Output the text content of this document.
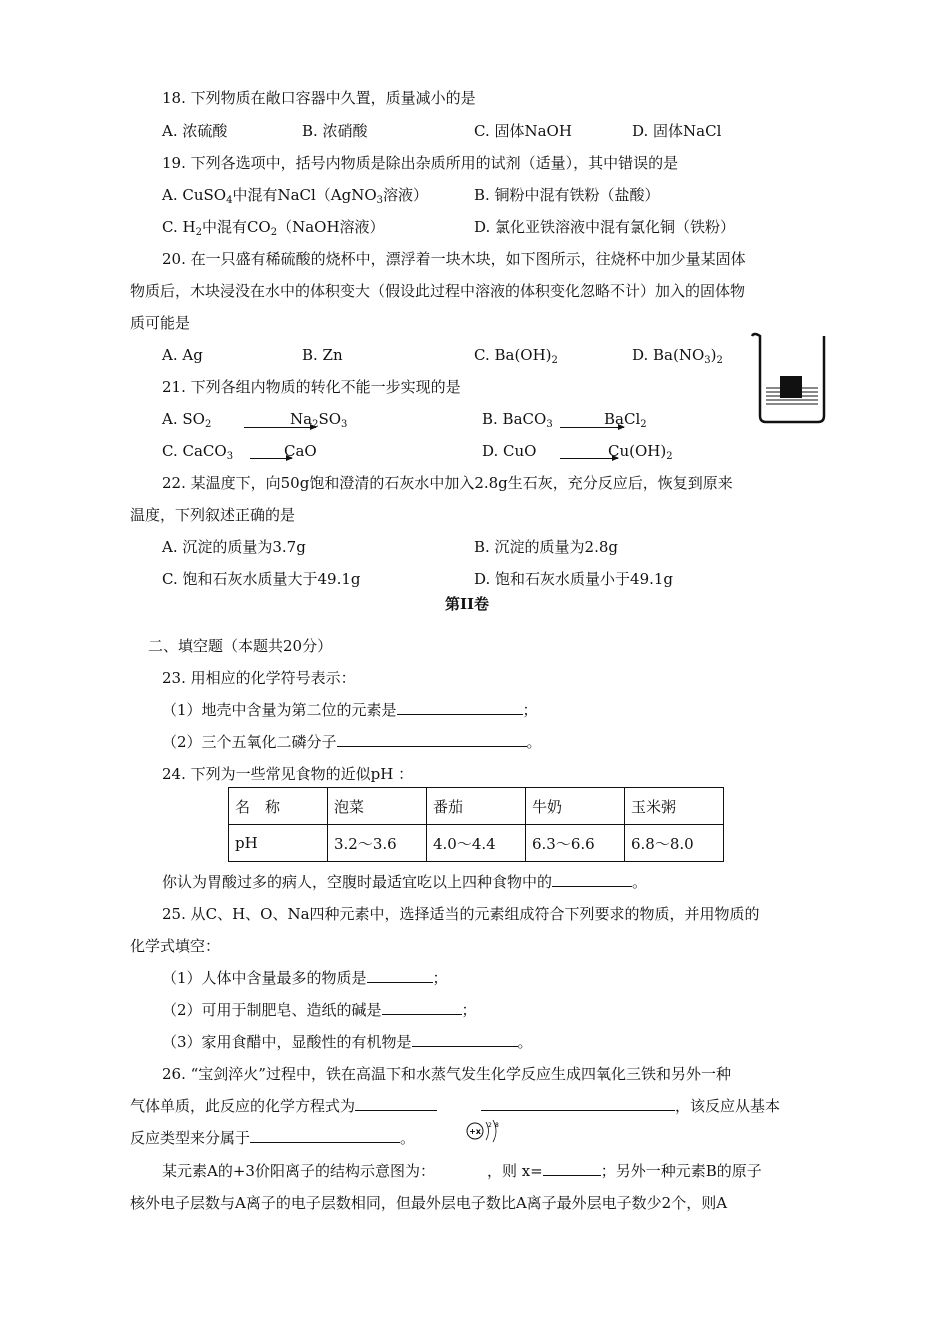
18. 下列物质在敞口容器中久置，质量减小的是
A. 浓硫酸	B. 浓硝酸	C. 固体NaOH	D. 固体NaCl
19. 下列各选项中，括号内物质是除出杂质所用的试剂（适量），其中错误的是
A. CuSO$_4$中混有NaCl（AgNO$_3$溶液）	B. 铜粉中混有铁粉（盐酸）
C. $H_2$中混有$CO_2(NaOH$溶液）	D. 氯化亚铁溶液中混有氯化铜（铁粉）
20. 在一只盛有稀硫酸的烧杯中，漂浮着一块木块，如下图所示，往烧杯中加少量某固体
物质后，木块浸没在水中的体积变大（假设此过程中溶液的体积变化忽略不计）加入的固体物
质可能是
A. Ag	B. Zn	C. $Ba(OH)_2$	D. $Ba(NO_3)_2$
21. 下列各组内物质的转化不能一步实现的是
A. $SO_2$	$Na_2SO_3$	B. BaCO$_3$	BaCl$_2$
C. CaCO$_3$	CaO	D. CuO	$Cu(OH)_2$
22. 某温度下，向50g饱和澄清的石灰水中加入2.8g生石灰，充分反应后，恢复到原来
温度，下列叙述正确的是
A. 沉淀的质量为3.7g	B. 沉淀的质量为2.8g
C. 饱和石灰水质量大于49.1g	D. 饱和石灰水质量小于49.1g
第II卷
二、填空题（本题共20分）
23. 用相应的化学符号表示：
（1）地壳中含量为第二位的元素是	；
（2）三个五氧化二磷分子	。
24. 下列为一些常见食物的近似pH ：
名　称	泡菜	番茄	牛奶	玉米粥
pH	3.2～3.6	4.0～4.4	6.3～6.6	6.8～8.0
你认为胃酸过多的病人，空腹时最适宜吃以上四种食物中的	。
25. 从C、H、O、Na四种元素中，选择适当的元素组成符合下列要求的物质，并用物质的
化学式填空：
（1）人体中含量最多的物质是	；
（2）可用于制肥皂、造纸的碱是	；
（3）家用食醋中，显酸性的有机物是	。
26. “宝剑淬火”过程中，铁在高温下和水蒸气发生化学反应生成四氧化三铁和另外一种
气体单质，此反应的化学方程式为	，该反应从基本
反应类型来分属于	。	+x
2 8
某元素A的+3价阳离子的结构示意图为：	，则 x=	；另外一种元素B的原子
核外电子层数与A离子的电子层数相同，但最外层电子数比A离子最外层电子数少2个，则A
